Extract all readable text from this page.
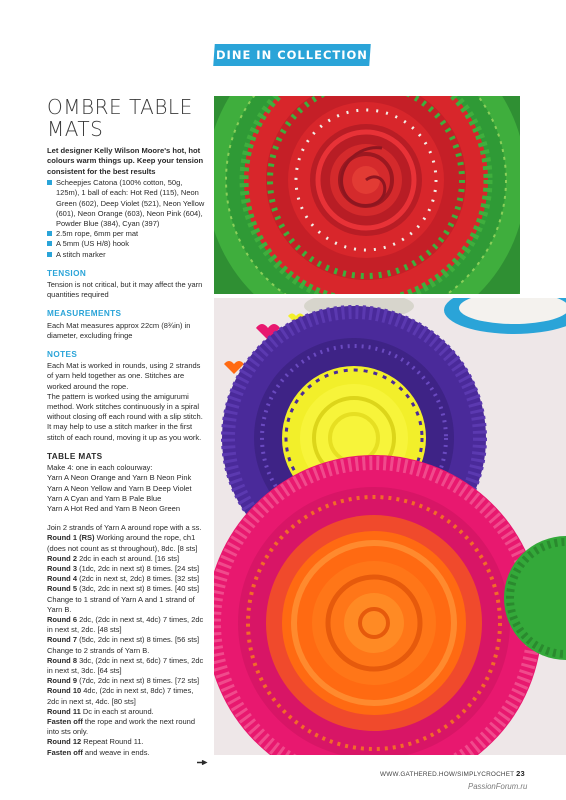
DINE IN COLLECTION
OMBRE TABLE MATS

Let designer Kelly Wilson Moore's hot, hot colours warm things up. Keep your tension consistent for the best results

Scheepjes Catona (100% cotton, 50g, 125m), 1 ball of each: Hot Red (115), Neon Green (602), Deep Violet (521), Neon Yellow (601), Neon Orange (603), Neon Pink (604), Powder Blue (384), Cyan (397)
2.5m rope, 6mm per mat
A 5mm (US H/8) hook
A stitch marker
TENSION

Tension is not critical, but it may affect the yarn quantities required

MEASUREMENTS

Each Mat measures approx 22cm (8¾in) in diameter, excluding fringe

NOTES

Each Mat is worked in rounds, using 2 strands of yarn held together as one. Stitches are worked around the rope.

The pattern is worked using the amigurumi method. Work stitches continuously in a spiral without closing off each round with a slip stitch.

It may help to use a stitch marker in the first stitch of each round, moving it up as you work.

TABLE MATS

Make 4: one in each colourway:

Yarn A Neon Orange and Yarn B Neon Pink

Yarn A Neon Yellow and Yarn B Deep Violet

Yarn A Cyan and Yarn B Pale Blue

Yarn A Hot Red and Yarn B Neon Green

Join 2 strands of Yarn A around rope with a ss.

Round 1 (RS) Working around the rope, ch1 (does not count as st throughout), 8dc. [8 sts]

Round 2 2dc in each st around. [16 sts]

Round 3 (1dc, 2dc in next st) 8 times. [24 sts]

Round 4 (2dc in next st, 2dc) 8 times. [32 sts]

Round 5 (3dc, 2dc in next st) 8 times. [40 sts]

Change to 1 strand of Yarn A and 1 strand of Yarn B.

Round 6 2dc, (2dc in next st, 4dc) 7 times, 2dc in next st, 2dc. [48 sts]

Round 7 (5dc, 2dc in next st) 8 times. [56 sts]

Change to 2 strands of Yarn B.

Round 8 3dc, (2dc in next st, 6dc) 7 times, 2dc in next st, 3dc. [64 sts]

Round 9 (7dc, 2dc in next st) 8 times. [72 sts]

Round 10 4dc, (2dc in next st, 8dc) 7 times, 2dc in next st, 4dc. [80 sts]

Round 11 Dc in each st around.

Fasten off the rope and work the next round into sts only.

Round 12 Repeat Round 11.

Fasten off and weave in ends.

WWW.GATHERED.HOW/SIMPLYCROCHET 23
PassionForum.ru
